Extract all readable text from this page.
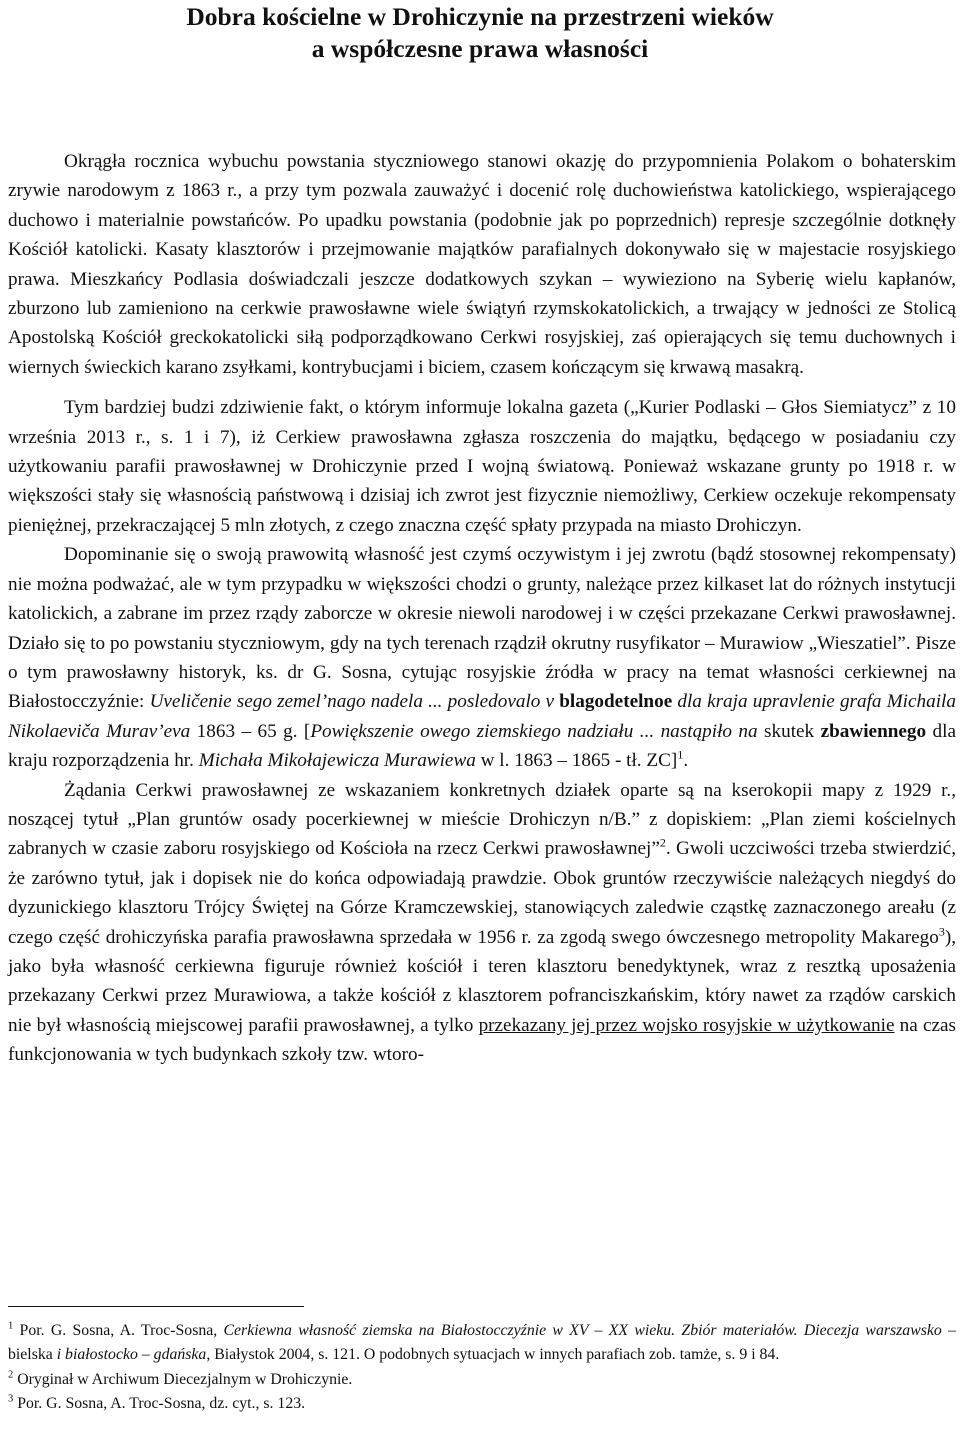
Dobra kościelne w Drohiczynie na przestrzeni wieków
a współczesne prawa własności

Okrągła rocznica wybuchu powstania styczniowego stanowi okazję do przypomnienia Polakom o bohaterskim zrywie narodowym z 1863 r., a przy tym pozwala zauważyć i docenić rolę duchowieństwa katolickiego, wspierającego duchowo i materialnie powstańców. Po upadku powstania (podobnie jak po poprzednich) represje szczególnie dotknęły Kościół katolicki. Kasaty klasztorów i przejmowanie majątków parafialnych dokonywało się w majestacie rosyjskiego prawa. Mieszkańcy Podlasia doświadczali jeszcze dodatkowych szykan – wywieziono na Syberię wielu kapłanów, zburzono lub zamieniono na cerkwie prawosławne wiele świątyń rzymskokatolickich, a trwający w jedności ze Stolicą Apostolską Kościół greckokatolicki siłą podporządkowano Cerkwi rosyjskiej, zaś opierających się temu duchownych i wiernych świeckich karano zsyłkami, kontrybucjami i biciem, czasem kończącym się krwawą masakrą.

Tym bardziej budzi zdziwienie fakt, o którym informuje lokalna gazeta („Kurier Podlaski – Głos Siemiatycz” z 10 września 2013 r., s. 1 i 7), iż Cerkiew prawosławna zgłasza roszczenia do majątku, będącego w posiadaniu czy użytkowaniu parafii prawosławnej w Drohiczynie przed I wojną światową. Ponieważ wskazane grunty po 1918 r. w większości stały się własnością państwową i dzisiaj ich zwrot jest fizycznie niemożliwy, Cerkiew oczekuje rekompensaty pieniężnej, przekraczającej 5 mln złotych, z czego znaczna część spłaty przypada na miasto Drohiczyn.

Dopominanie się o swoją prawowitą własność jest czymś oczywistym i jej zwrotu (bądź stosownej rekompensaty) nie można podważać, ale w tym przypadku w większości chodzi o grunty, należące przez kilkaset lat do różnych instytucji katolickich, a zabrane im przez rządy zaborcze w okresie niewoli narodowej i w części przekazane Cerkwi prawosławnej. Działo się to po powstaniu styczniowym, gdy na tych terenach rządził okrutny rusyfikator – Murawiow „Wieszatiel”. Pisze o tym prawosławny historyk, ks. dr G. Sosna, cytując rosyjskie źródła w pracy na temat własności cerkiewnej na Białostocczyźnie: Uveličenie sego zemel’nago nadela ... posledovalo v blagodetelnoe dla kraja upravlenie grafa Michaila Nikolaeviča Murav’eva 1863 – 65 g. [Powiększenie owego ziemskiego nadziału ... nastąpiło na skutek zbawiennego dla kraju rozporządzenia hr. Michała Mikołajewicza Murawiewa w l. 1863 – 1865 - tł. ZC]$^1$.

Żądania Cerkwi prawosławnej ze wskazaniem konkretnych działek oparte są na kserokopii mapy z 1929 r., noszącej tytuł „Plan gruntów osady pocerkiewnej w mieście Drohiczyn n/B.” z dopiskiem: „Plan ziemi kościelnych zabranych w czasie zaboru rosyjskiego od Kościoła na rzecz Cerkwi prawosławnej”$^2$. Gwoli uczciwości trzeba stwierdzić, że zarówno tytuł, jak i dopisek nie do końca odpowiadają prawdzie. Obok gruntów rzeczywiście należących niegdyś do dyzunickiego klasztoru Trójcy Świętej na Górze Kramczewskiej, stanowiących zaledwie cząstkę zaznaczonego areału (z czego część drohiczyńska parafia prawosławna sprzedała w 1956 r. za zgodą swego ówczesnego metropolity Makarego$^3$), jako była własność cerkiewna figuruje również kościół i teren klasztoru benedyktynek, wraz z resztką uposażenia przekazany Cerkwi przez Murawiowa, a także kościół z klasztorem pofranciszkańskim, który nawet za rządów carskich nie był własnością miejscowej parafii prawosławnej, a tylko przekazany jej przez wojsko rosyjskie w użytkowanie na czas funkcjonowania w tych budynkach szkoły tzw. wtoro-

$^1$ Por. G. Sosna, A. Troc-Sosna, Cerkiewna własność ziemska na Białostocczyźnie w XV – XX wieku. Zbiór materiałów. Diecezja warszawsko – bielska i białostocko – gdańska, Białystok 2004, s. 121. O podobnych sytuacjach w innych parafiach zob. tamże, s. 9 i 84.

$^2$ Oryginał w Archiwum Diecezjalnym w Drohiczynie.

$^3$ Por. G. Sosna, A. Troc-Sosna, dz. cyt., s. 123.
